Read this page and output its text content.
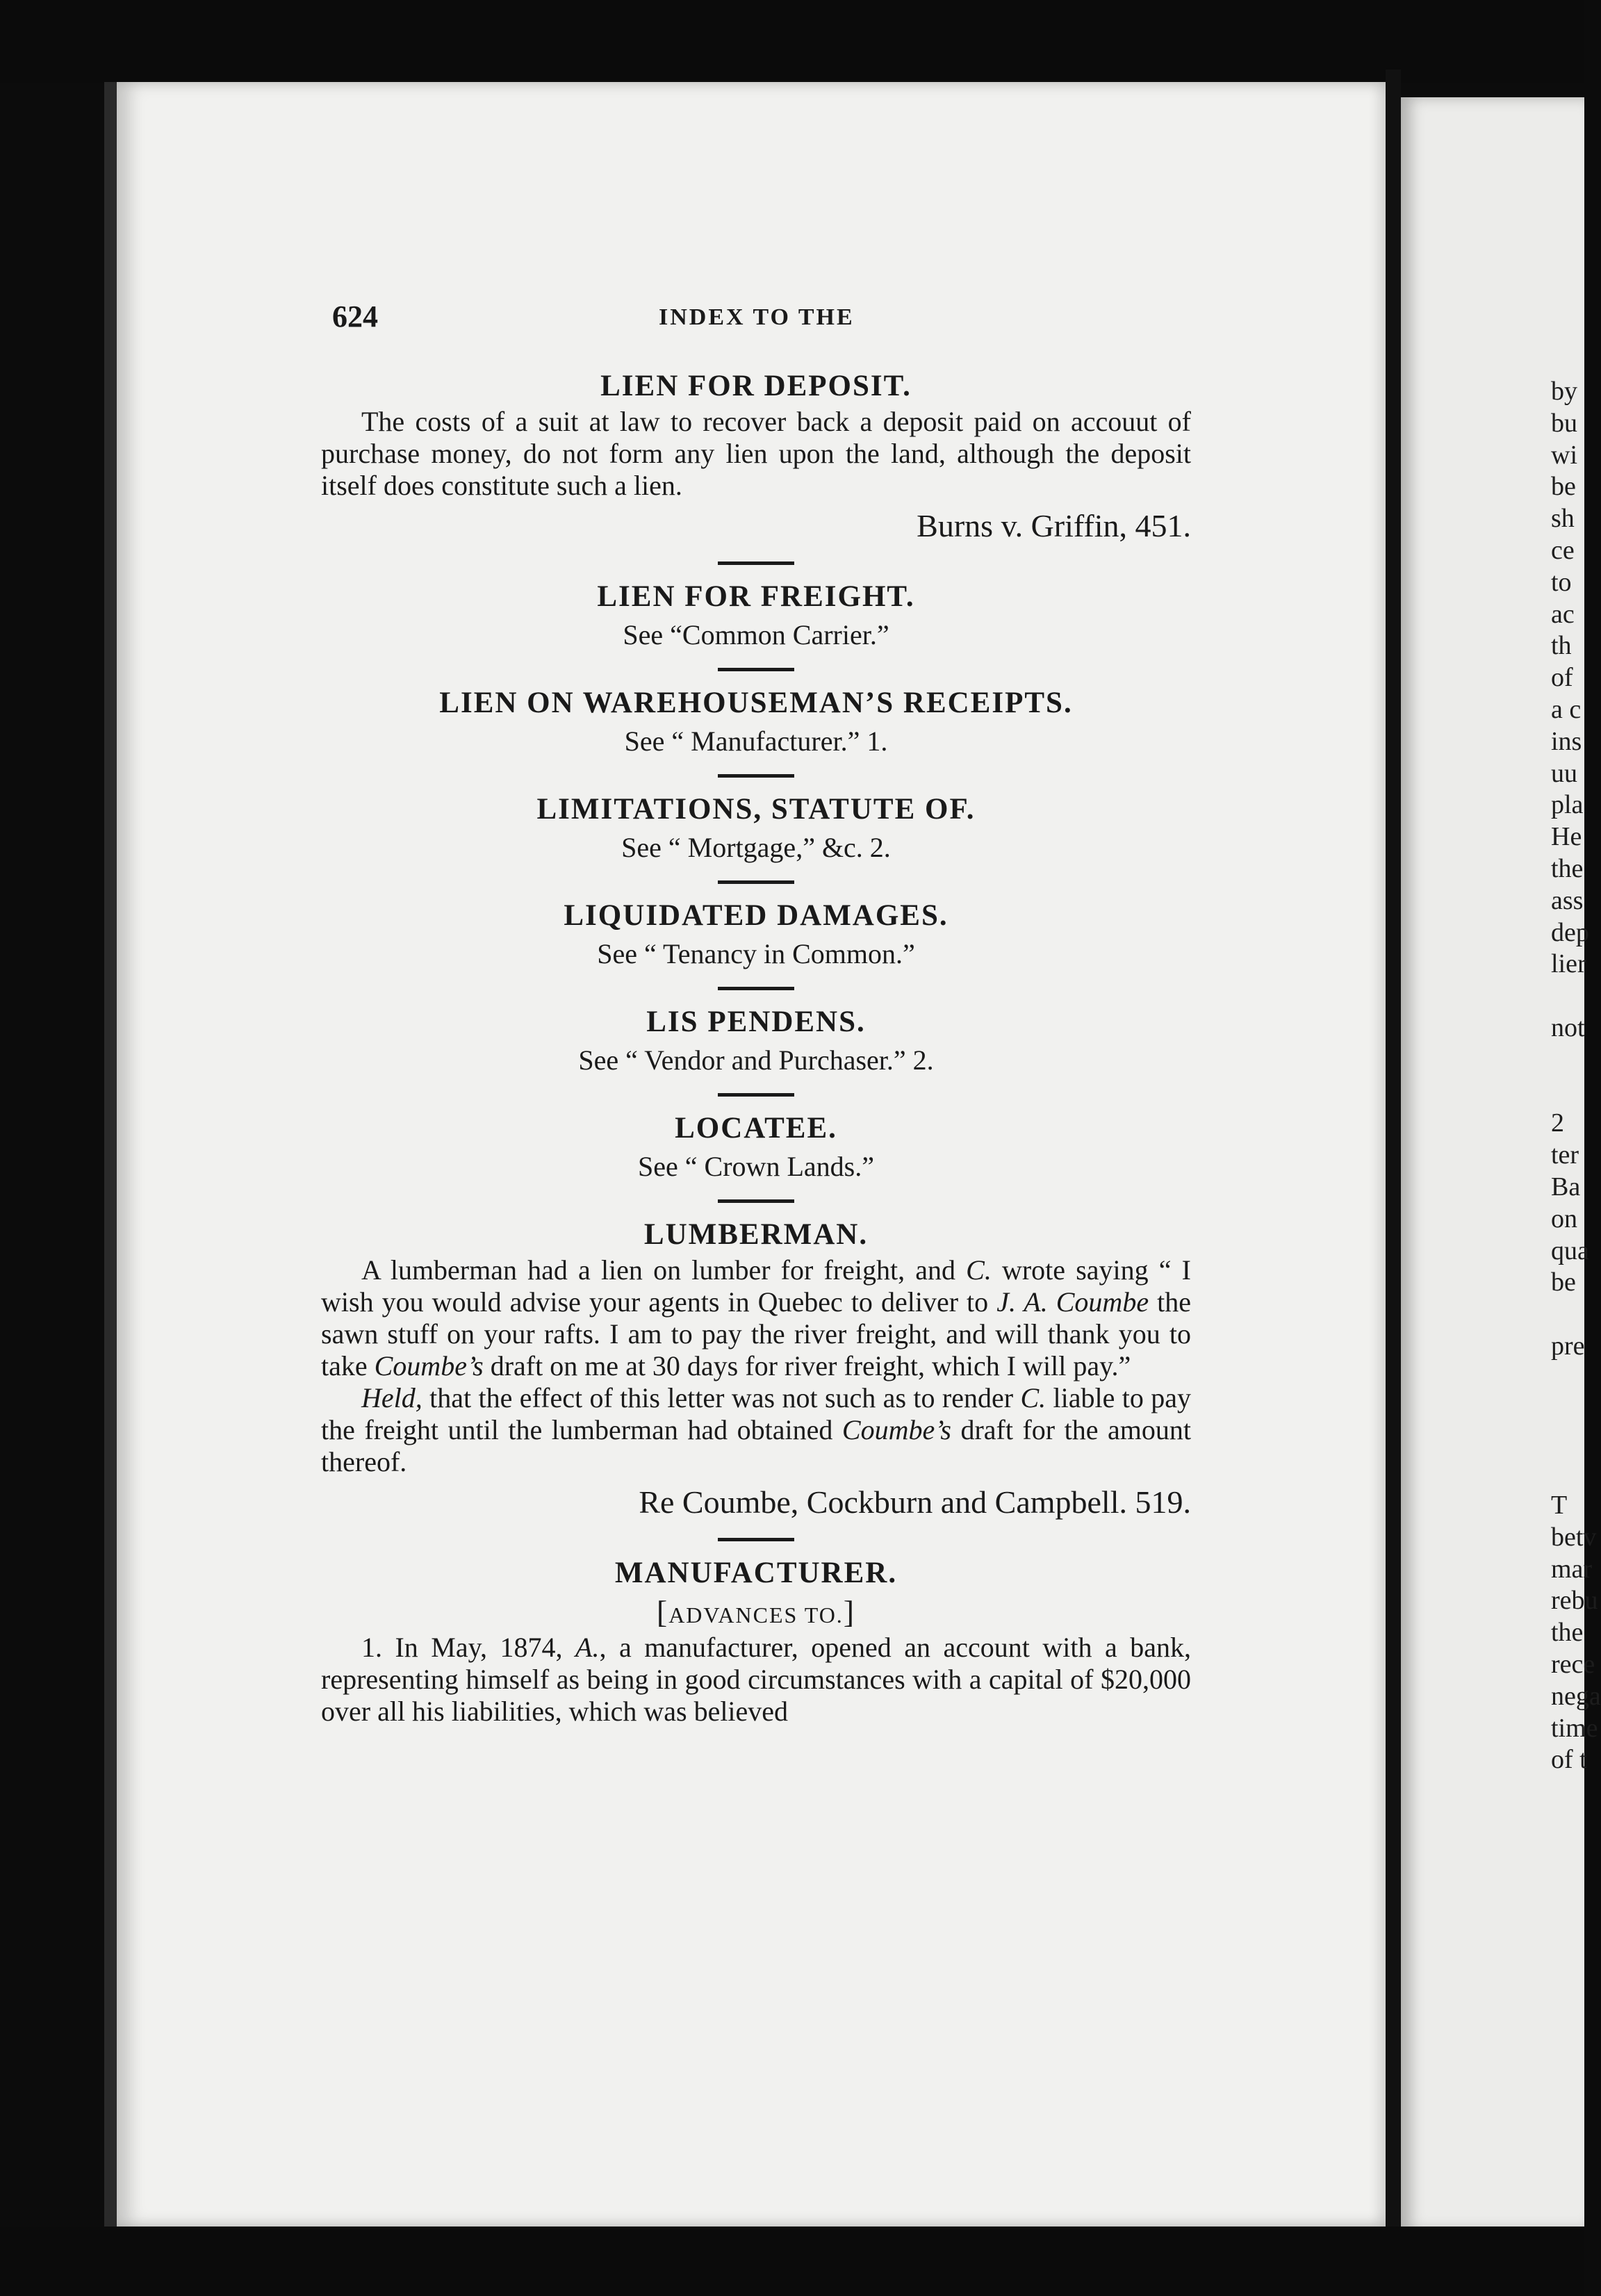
624	INDEX TO THE
LIEN FOR DEPOSIT.

The costs of a suit at law to recover back a deposit paid on accouut of purchase money, do not form any lien upon the land, although the deposit itself does constitute such a lien.

Burns v. Griffin, 451.
LIEN FOR FREIGHT.
See “Common Carrier.”
LIEN ON WAREHOUSEMAN’S RECEIPTS.
See “ Manufacturer.” 1.
LIMITATIONS, STATUTE OF.
See “ Mortgage,” &c. 2.
LIQUIDATED DAMAGES.
See “ Tenancy in Common.”
LIS PENDENS.
See “ Vendor and Purchaser.” 2.
LOCATEE.
See “ Crown Lands.”
LUMBERMAN.

A lumberman had a lien on lumber for freight, and C. wrote saying “ I wish you would advise your agents in Quebec to deliver to J. A. Coumbe the sawn stuff on your rafts. I am to pay the river freight, and will thank you to take Coumbe’s draft on me at 30 days for river freight, which I will pay.”

Held, that the effect of this letter was not such as to render C. liable to pay the freight until the lumberman had obtained Coumbe’s draft for the amount thereof.

Re Coumbe, Cockburn and Campbell. 519.
MANUFACTURER.
[ADVANCES TO.]

1. In May, 1874, A., a manufacturer, opened an account with a bank, representing himself as being in good circumstances with a capital of $20,000 over all his liabilities, which was believed

by
bu
wi
be
sh
ce
to
ac
th
of
a c
ins
uu
pla
He
the
ass
dep
lier
not
2
ter
Ba
on
qua
be
pre
T
betv
mar
rebu
the
rece
nega
time
of t
